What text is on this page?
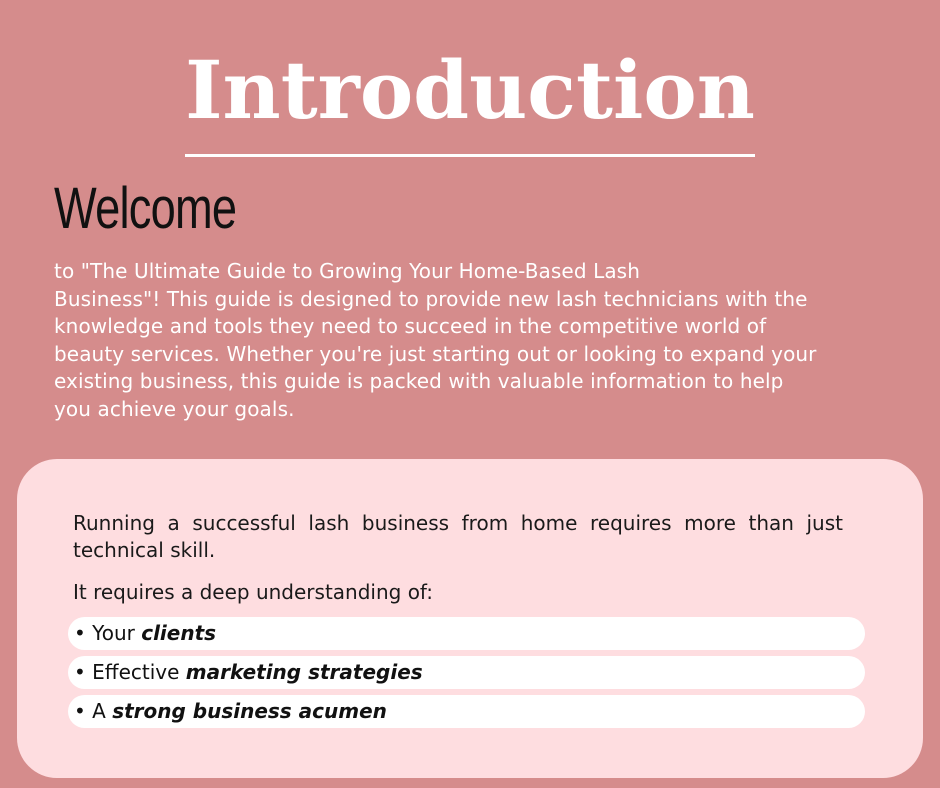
Introduction
Welcome
to "The Ultimate Guide to Growing Your Home-Based Lash
Business"! This guide is designed to provide new lash technicians with the
knowledge and tools they need to succeed in the competitive world of
beauty services. Whether you're just starting out or looking to expand your
existing business, this guide is packed with valuable information to help
you achieve your goals.
Running a successful lash business from home requires more than just technical skill.
It requires a deep understanding of:
• Your clients
• Effective marketing strategies
• A strong business acumen
